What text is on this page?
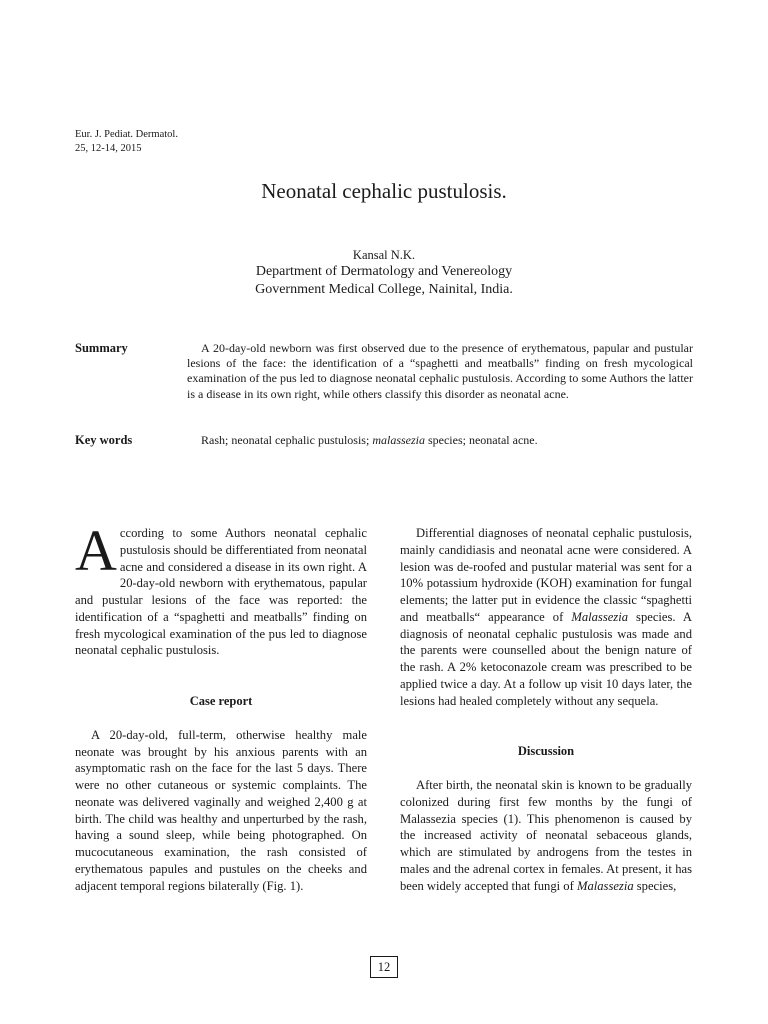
Eur. J. Pediat. Dermatol.
25, 12-14, 2015
Neonatal cephalic pustulosis.
Kansal N.K.
Department of Dermatology and Venereology
Government Medical College, Nainital, India.
Summary	A 20-day-old newborn was first observed due to the presence of erythematous, papular and pustular lesions of the face: the identification of a “spaghetti and meatballs” finding on fresh mycological examination of the pus led to diagnose neonatal cephalic pustulosis. According to some Authors the latter is a disease in its own right, while others classify this disorder as neonatal acne.
Key words	Rash; neonatal cephalic pustulosis; malassezia species; neonatal acne.

According to some Authors neonatal cephalic pustulosis should be differentiated from neonatal acne and considered a disease in its own right. A 20-day-old newborn with erythematous, papular and pustular lesions of the face was reported: the identification of a “spaghetti and meatballs” finding on fresh mycological examination of the pus led to diagnose neonatal cephalic pustulosis.

Case report

A 20-day-old, full-term, otherwise healthy male neonate was brought by his anxious parents with an asymptomatic rash on the face for the last 5 days. There were no other cutaneous or systemic complaints. The neonate was delivered vaginally and weighed 2,400 g at birth. The child was healthy and unperturbed by the rash, having a sound sleep, while being photographed. On mucocutaneous examination, the rash consisted of erythematous papules and pustules on the cheeks and adjacent temporal regions bilaterally (Fig. 1).

Differential diagnoses of neonatal cephalic pustulosis, mainly candidiasis and neonatal acne were considered. A lesion was de-roofed and pustular material was sent for a 10% potassium hydroxide (KOH) examination for fungal elements; the latter put in evidence the classic “spaghetti and meatballs“ appearance of Malassezia species. A diagnosis of neonatal cephalic pustulosis was made and the parents were counselled about the benign nature of the rash. A 2% ketoconazole cream was prescribed to be applied twice a day. At a follow up visit 10 days later, the lesions had healed completely without any sequela.

Discussion

After birth, the neonatal skin is known to be gradually colonized during first few months by the fungi of Malassezia species (1). This phenomenon is caused by the increased activity of neonatal sebaceous glands, which are stimulated by androgens from the testes in males and the adrenal cortex in females. At present, it has been widely accepted that fungi of Malassezia species,

12
